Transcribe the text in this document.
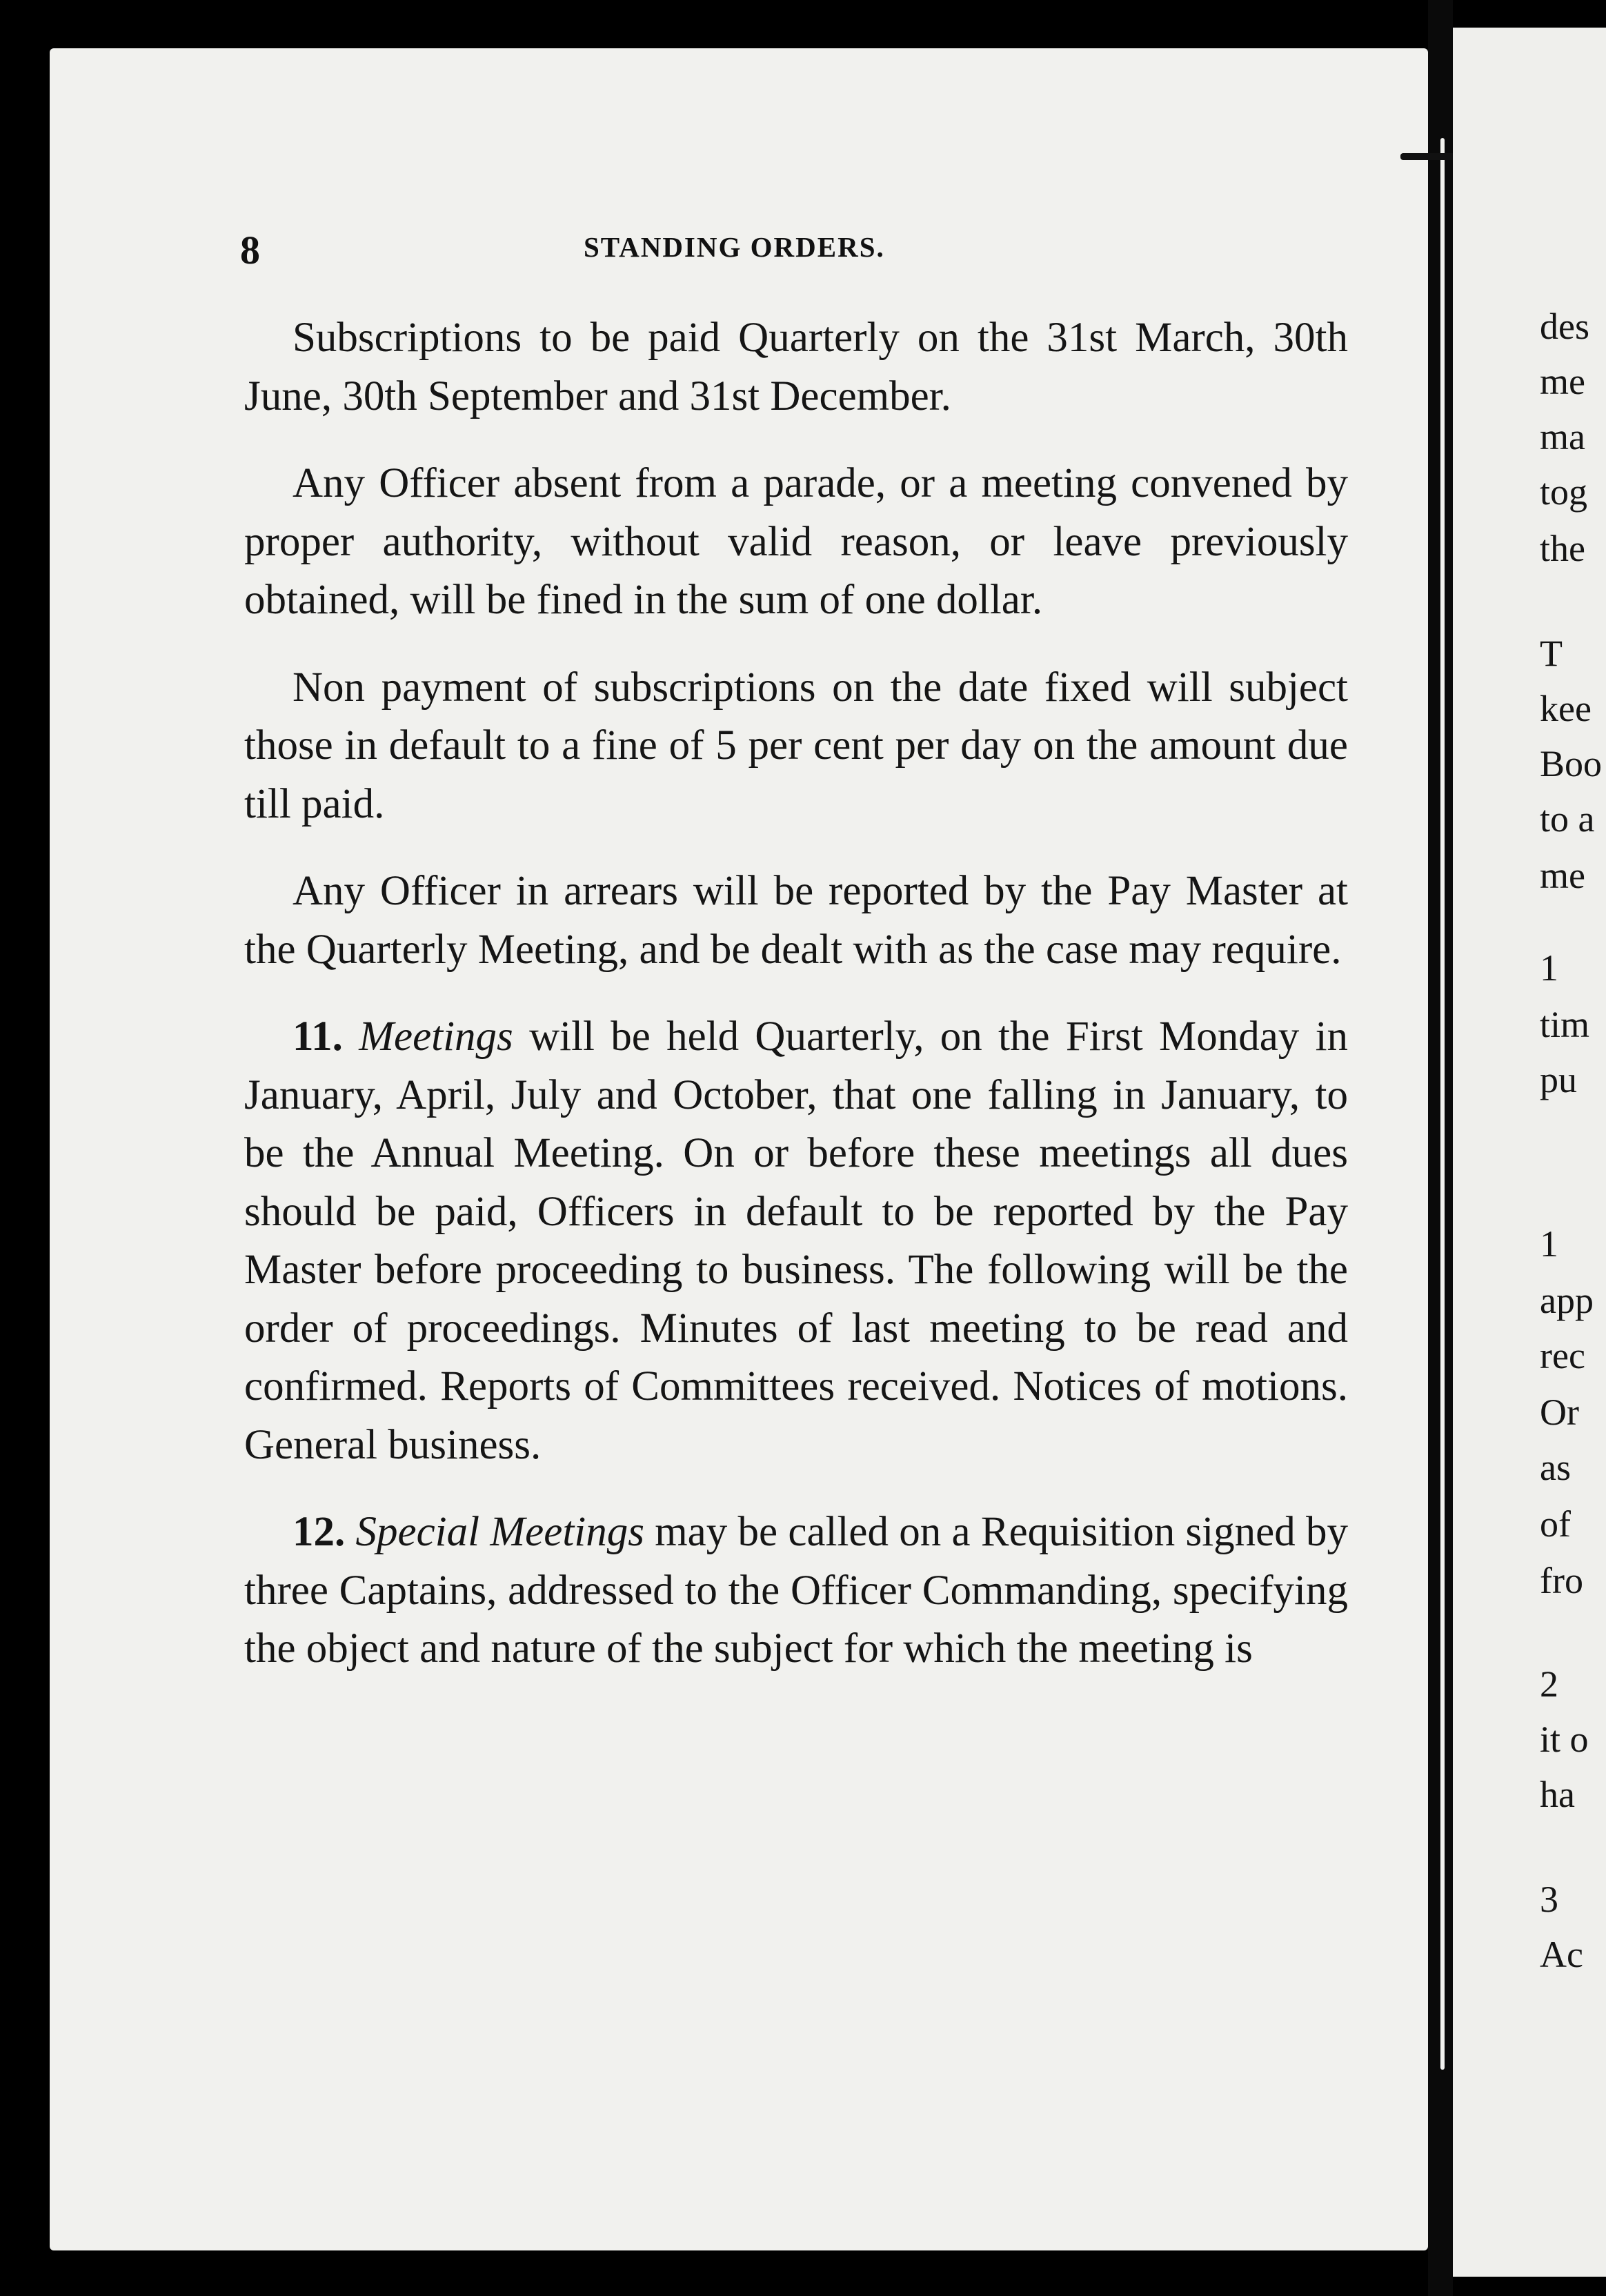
8	STANDING ORDERS.

Subscriptions to be paid Quarterly on the 31st March, 30th June, 30th September and 31st December.

Any Officer absent from a parade, or a meeting convened by proper authority, without valid reason, or leave previously obtained, will be fined in the sum of one dollar.

Non payment of subscriptions on the date fixed will subject those in default to a fine of 5 per cent per day on the amount due till paid.

Any Officer in arrears will be reported by the Pay Master at the Quarterly Meeting, and be dealt with as the case may require.

11. Meetings will be held Quarterly, on the First Monday in January, April, July and October, that one falling in January, to be the Annual Meeting. On or before these meetings all dues should be paid, Officers in default to be reported by the Pay Master before proceeding to business. The following will be the order of proceedings. Minutes of last meeting to be read and confirmed. Reports of Committees received. Notices of motions. General business.

12. Special Meetings may be called on a Requisition signed by three Captains, addressed to the Officer Commanding, specifying the object and nature of the subject for which the meeting is

des
me
ma
tog
the
T
kee
Boo
to a
me
1
tim
pu
1
app
rec
Or
as
of
fro
2
it o
ha
3
Ac
